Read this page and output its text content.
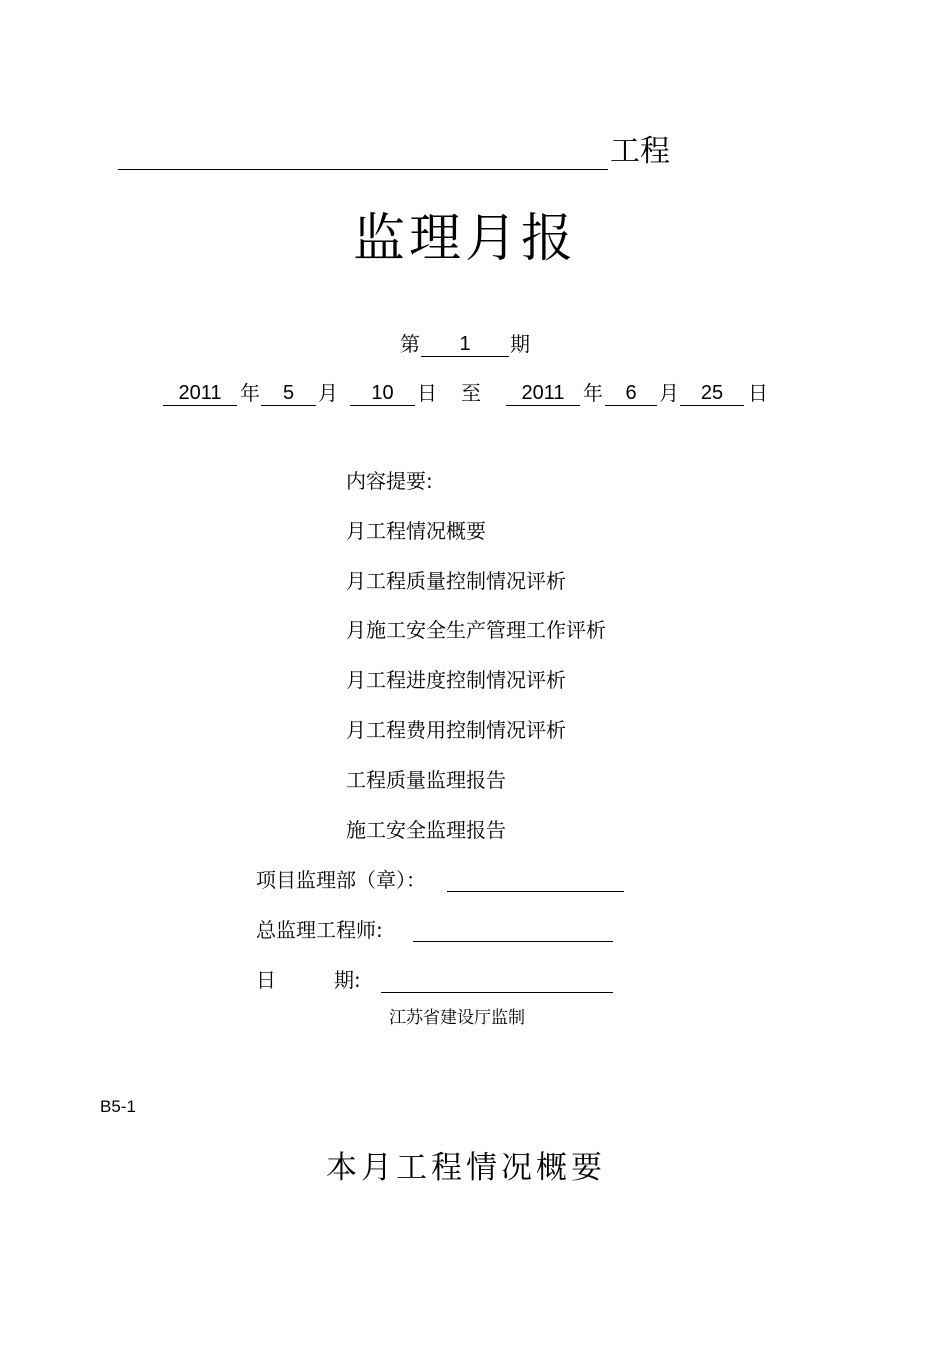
工程
监理月报
第	1	期
2011 年	5	月	10	日 至	2011 年	6	月	25	日
内容提要:
月工程情况概要
月工程质量控制情况评析
月施工安全生产管理工作评析
月工程进度控制情况评析
月工程费用控制情况评析
工程质量监理报告
施工安全监理报告
项目监理部（章）：
总监理工程师:
日	期:
江苏省建设厅监制
B5-1
本月工程情况概要
